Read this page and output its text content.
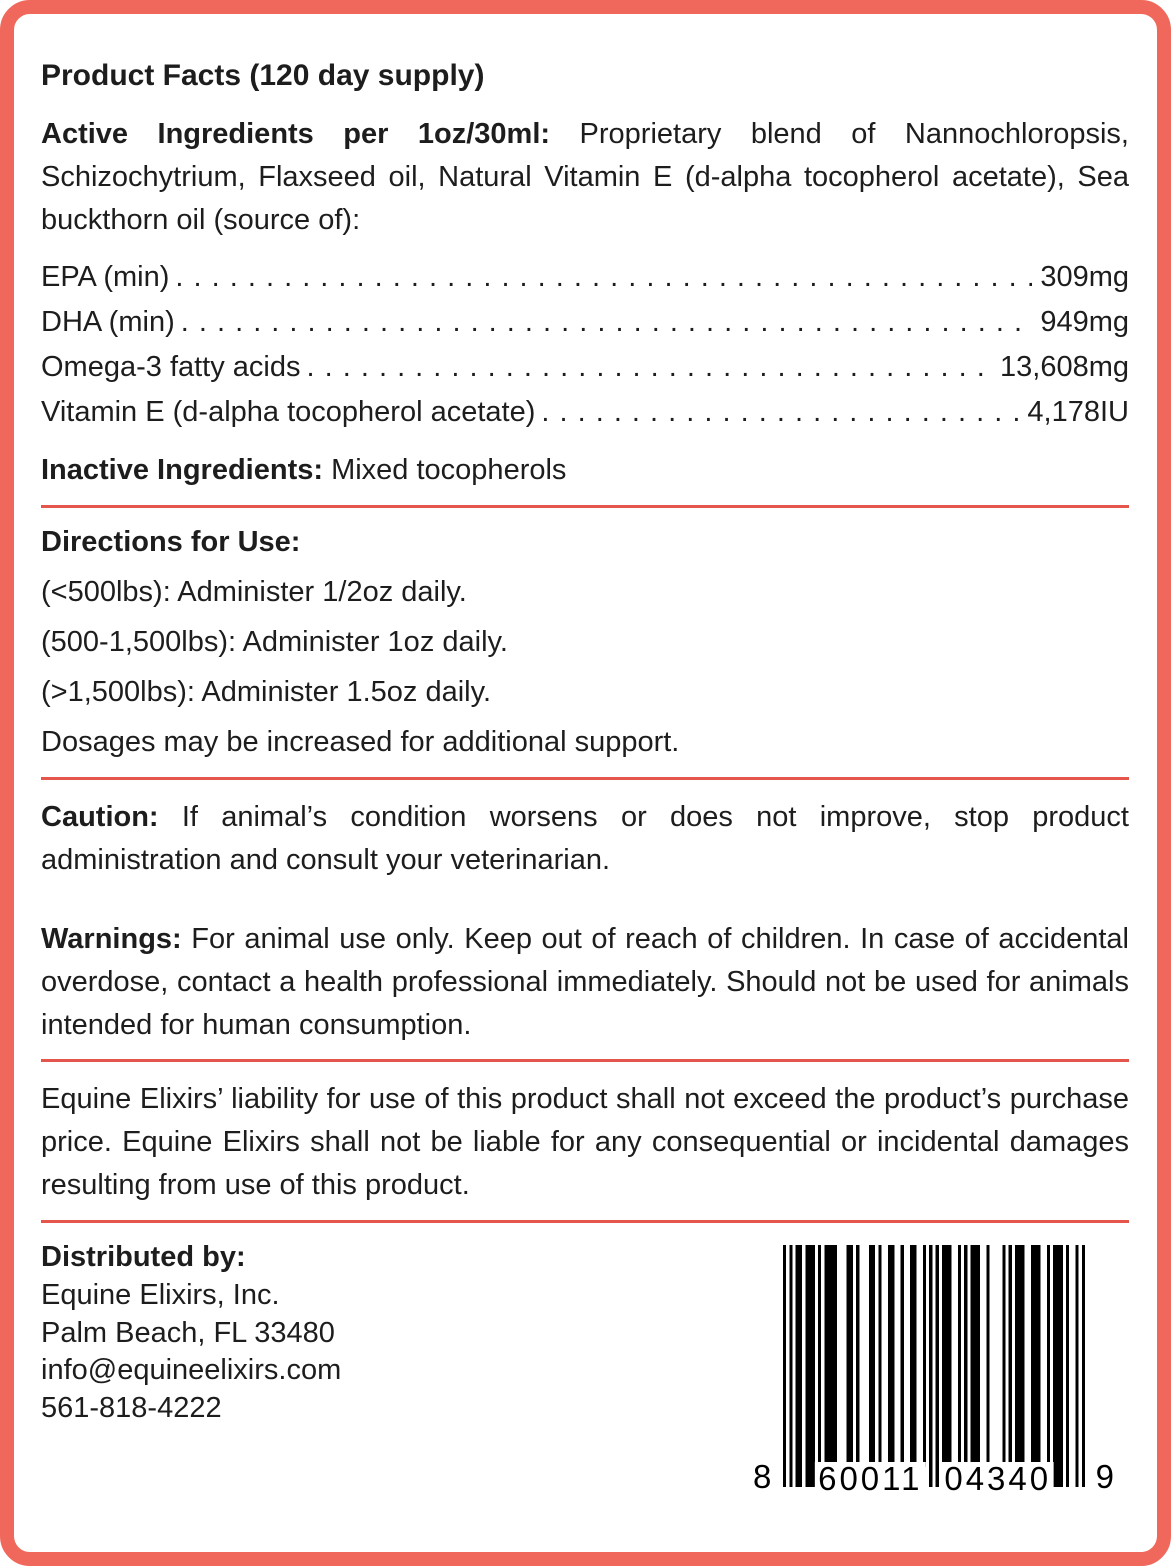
Product Facts (120 day supply)

Active Ingredients per 1oz/30ml: Proprietary blend of Nannochloropsis, Schizochytrium, Flaxseed oil, Natural Vitamin E (d-alpha tocopherol acetate), Sea buckthorn oil (source of):

EPA (min) . . .	309mg
DHA (min) . . .	949mg
Omega-3 fatty acids . . .	13,608mg
Vitamin E (d-alpha tocopherol acetate) . . .	4,178IU

Inactive Ingredients: Mixed tocopherols

Directions for Use:

(<500lbs): Administer 1/2oz daily.

(500-1,500lbs): Administer 1oz daily.

(>1,500lbs): Administer 1.5oz daily.

Dosages may be increased for additional support.

Caution: If animal’s condition worsens or does not improve, stop product administration and consult your veterinarian.

Warnings: For animal use only. Keep out of reach of children. In case of accidental overdose, contact a health professional immediately. Should not be used for animals intended for human consumption.

Equine Elixirs’ liability for use of this product shall not exceed the product’s purchase price. Equine Elixirs shall not be liable for any consequential or incidental damages resulting from use of this product.

Distributed by:
Equine Elixirs, Inc.
Palm Beach, FL 33480
info@equineelixirs.com
561-818-4222
8 60011 04340 9
